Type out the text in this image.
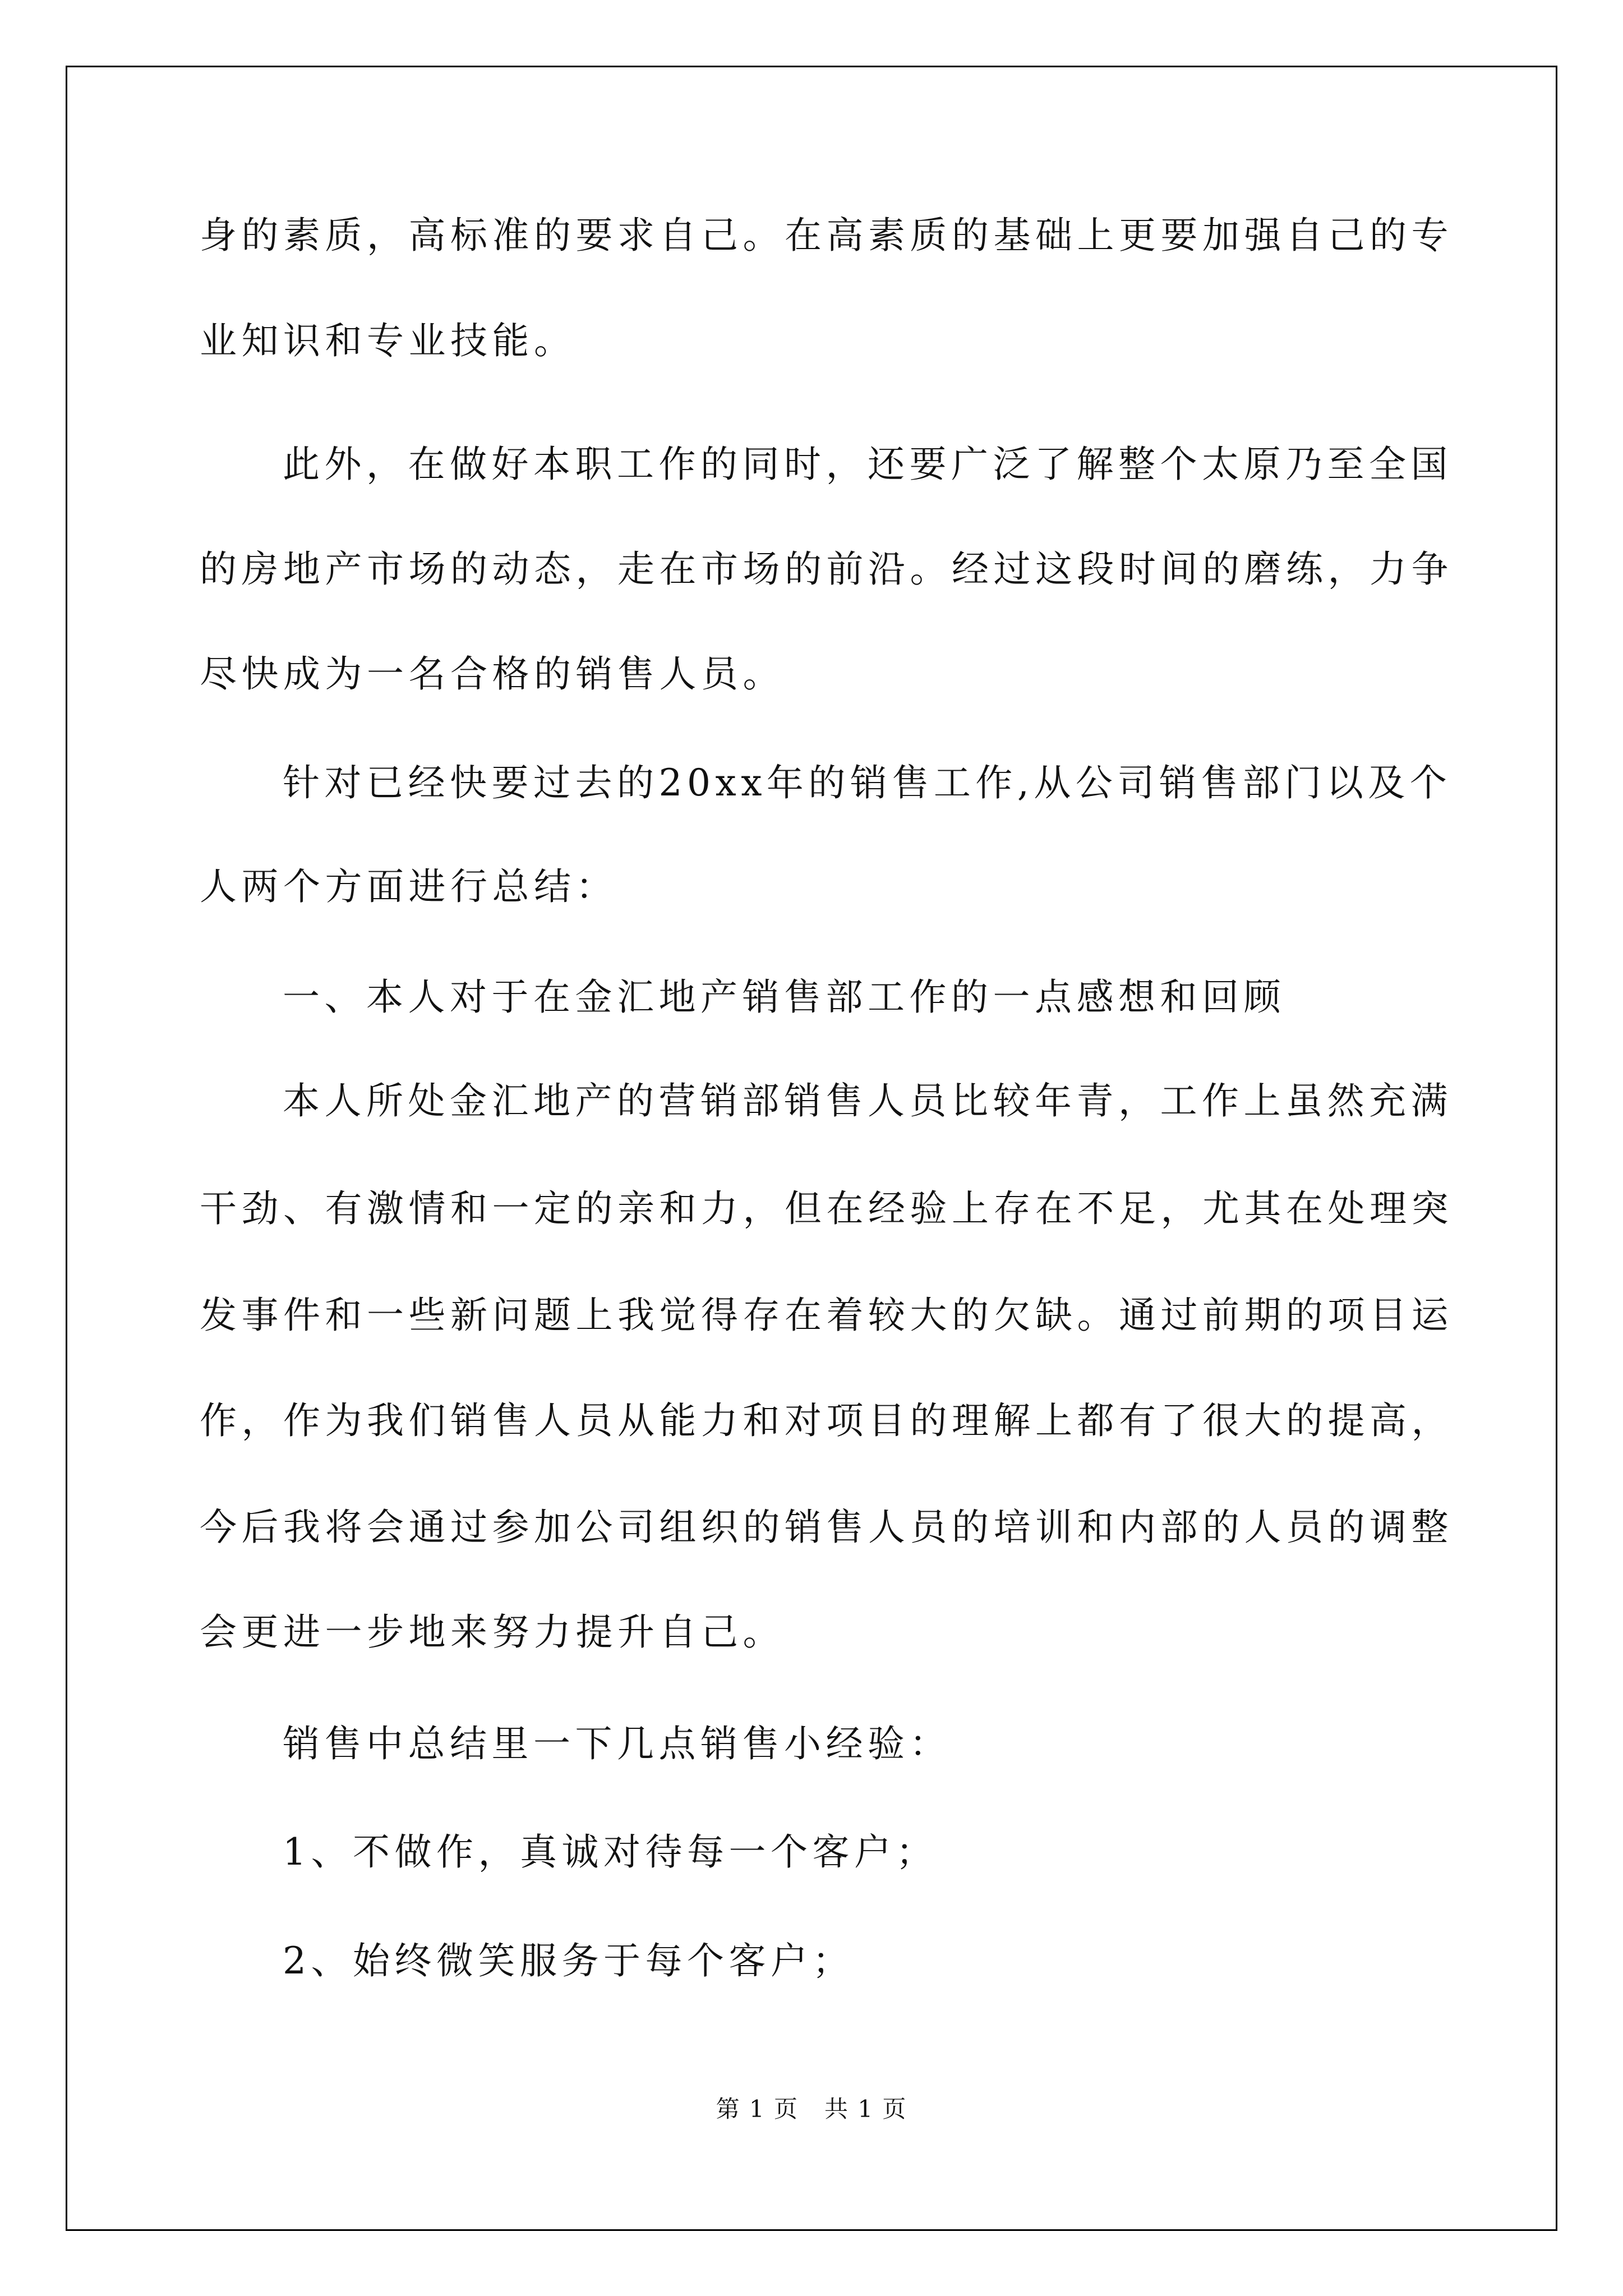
身的素质，高标准的要求自己。在高素质的基础上更要加强自己的专
业知识和专业技能。
此外，在做好本职工作的同时，还要广泛了解整个太原乃至全国
的房地产市场的动态，走在市场的前沿。经过这段时间的磨练，力争
尽快成为一名合格的销售人员。
针对已经快要过去的20xx年的销售工作,从公司销售部门以及个
人两个方面进行总结：
一、本人对于在金汇地产销售部工作的一点感想和回顾
本人所处金汇地产的营销部销售人员比较年青，工作上虽然充满
干劲、有激情和一定的亲和力，但在经验上存在不足，尤其在处理突
发事件和一些新问题上我觉得存在着较大的欠缺。通过前期的项目运
作，作为我们销售人员从能力和对项目的理解上都有了很大的提高，
今后我将会通过参加公司组织的销售人员的培训和内部的人员的调整
会更进一步地来努力提升自己。
销售中总结里一下几点销售小经验：
1、不做作，真诚对待每一个客户；
2、始终微笑服务于每个客户；
第 1 页 共 1 页
